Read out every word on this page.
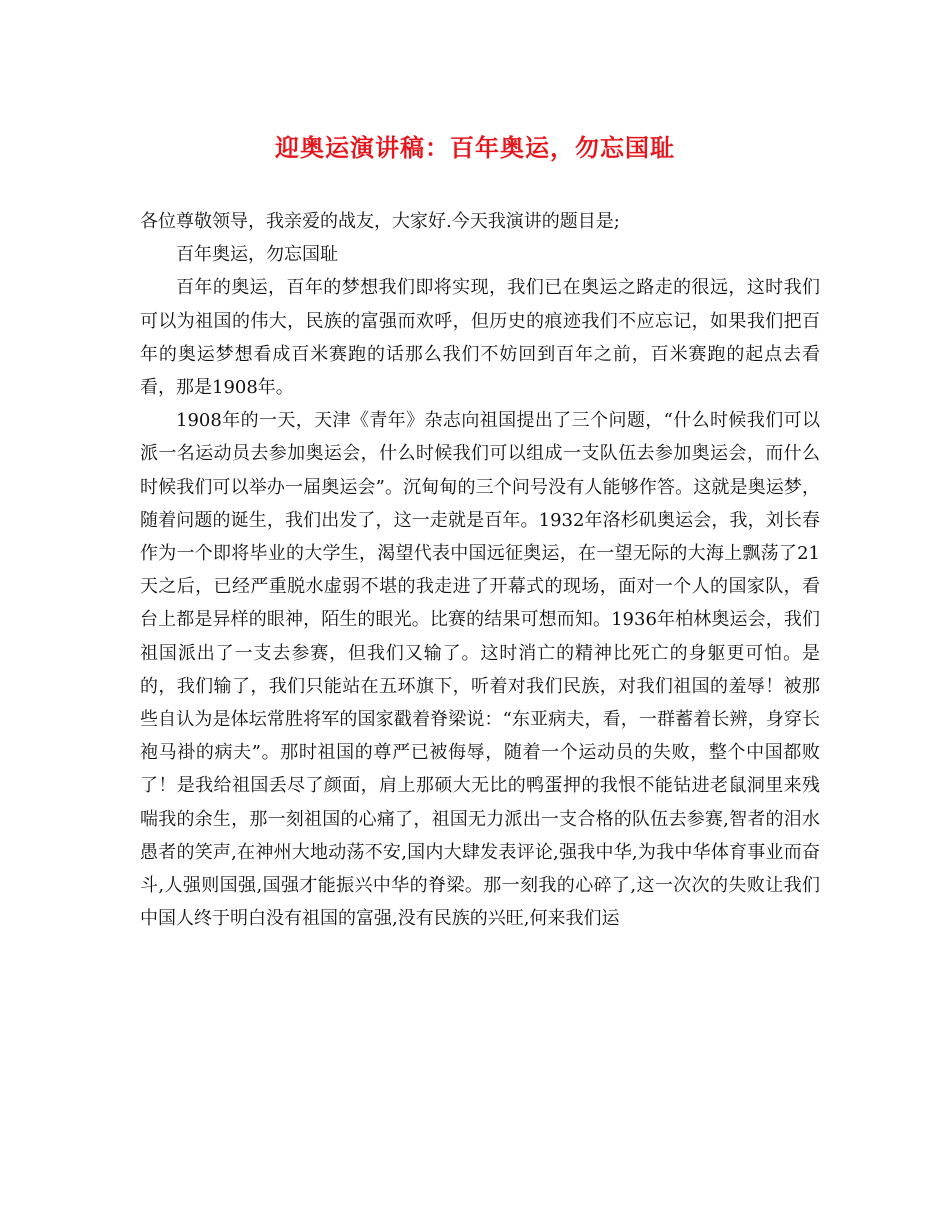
迎奥运演讲稿：百年奥运，勿忘国耻

各位尊敬领导，我亲爱的战友，大家好.今天我演讲的题目是;

百年奥运，勿忘国耻

百年的奥运，百年的梦想我们即将实现，我们已在奥运之路走的很远，这时我们可以为祖国的伟大，民族的富强而欢呼，但历史的痕迹我们不应忘记，如果我们把百年的奥运梦想看成百米赛跑的话那么我们不妨回到百年之前，百米赛跑的起点去看看，那是1908年。

1908年的一天，天津《青年》杂志向祖国提出了三个问题，“什么时候我们可以派一名运动员去参加奥运会，什么时候我们可以组成一支队伍去参加奥运会，而什么时候我们可以举办一届奥运会”。沉甸甸的三个问号没有人能够作答。这就是奥运梦，随着问题的诞生，我们出发了，这一走就是百年。1932年洛杉矶奥运会，我，刘长春作为一个即将毕业的大学生，渴望代表中国远征奥运，在一望无际的大海上飘荡了21天之后，已经严重脱水虚弱不堪的我走进了开幕式的现场，面对一个人的国家队，看台上都是异样的眼神，陌生的眼光。比赛的结果可想而知。1936年柏林奥运会，我们祖国派出了一支去参赛，但我们又输了。这时消亡的精神比死亡的身躯更可怕。是的，我们输了，我们只能站在五环旗下，听着对我们民族，对我们祖国的羞辱！被那些自认为是体坛常胜将军的国家戳着脊梁说：“东亚病夫，看，一群蓄着长辨，身穿长袍马褂的病夫”。那时祖国的尊严已被侮辱，随着一个运动员的失败，整个中国都败了！是我给祖国丢尽了颜面，肩上那硕大无比的鸭蛋押的我恨不能钻进老鼠洞里来残喘我的余生，那一刻祖国的心痛了，祖国无力派出一支合格的队伍去参赛,智者的泪水愚者的笑声,在神州大地动荡不安,国内大肆发表评论,强我中华,为我中华体育事业而奋斗,人强则国强,国强才能振兴中华的脊梁。那一刻我的心碎了,这一次次的失败让我们中国人终于明白没有祖国的富强,没有民族的兴旺,何来我们运
